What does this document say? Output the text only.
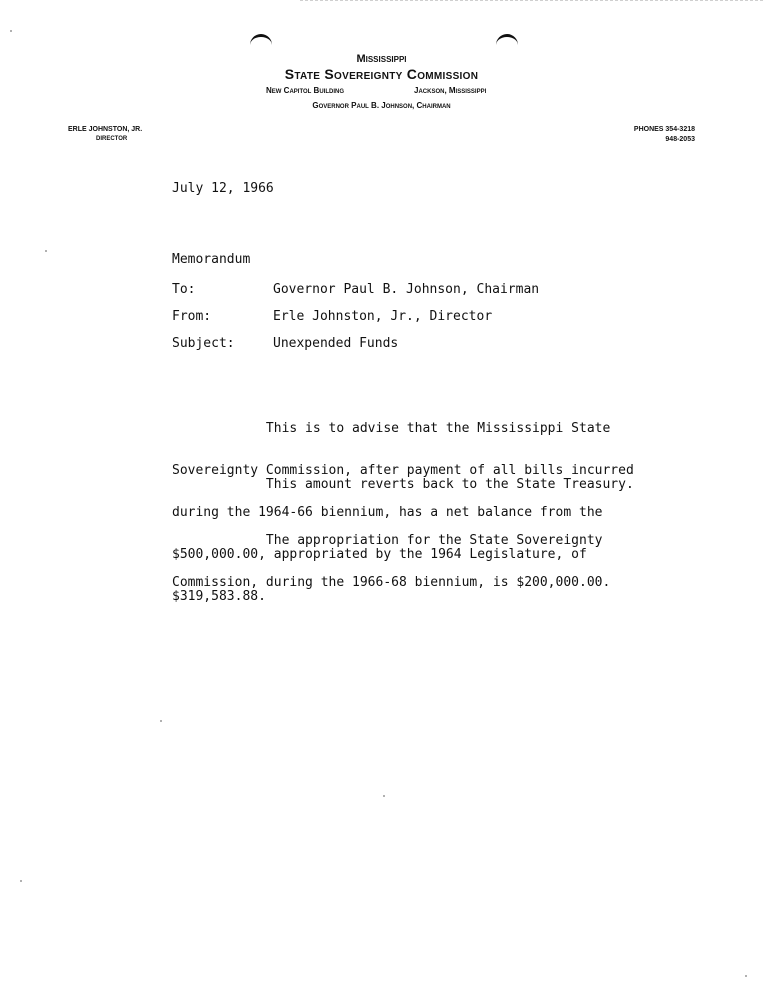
Mississippi
State Sovereignty Commission
New Capitol Building	Jackson, Mississippi
Governor Paul B. Johnson, Chairman
ERLE JOHNSTON, JR.
DIRECTOR
PHONES 354-3218
948-2053
July 12, 1966
Memorandum
To:	Governor Paul B. Johnson, Chairman
From:	Erle Johnston, Jr., Director
Subject:	Unexpended Funds

This is to advise that the Mississippi State

Sovereignty Commission, after payment of all bills incurred

during the 1964-66 biennium, has a net balance from the

$500,000.00, appropriated by the 1964 Legislature, of

$319,583.88.

This amount reverts back to the State Treasury.

The appropriation for the State Sovereignty

Commission, during the 1966-68 biennium, is $200,000.00.
